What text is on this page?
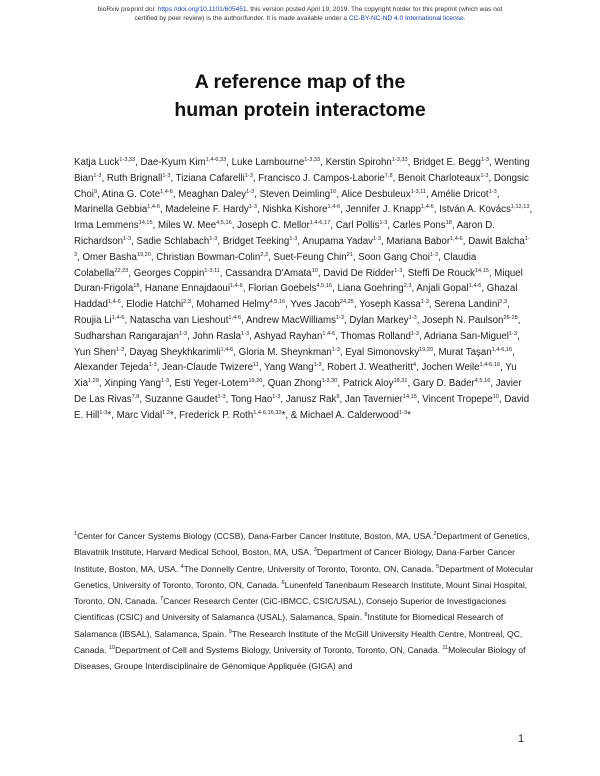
bioRxiv preprint doi: https://doi.org/10.1101/605451. this version posted April 19, 2019. The copyright holder for this preprint (which was not
certified by peer review) is the author/funder. It is made available under a CC-BY-NC-ND 4.0 International license.
A reference map of the
human protein interactome
Katja Luck$^{1-3,33}$, Dae-Kyum Kim$^{1,4-6,33}$, Luke Lambourne$^{1-3,33}$, Kerstin Spirohn$^{1-3,33}$, Bridget E. Begg$^{1-3}$, Wenting Bian$^{1-3}$, Ruth Brignall$^{1-3}$, Tiziana Cafarelli$^{1-3}$, Francisco J. Campos-Laborie$^{7,8}$, Benoit Charloteaux$^{1-3}$, Dongsic Choi$^9$, Atina G. Cote$^{1,4-6}$, Meaghan Daley$^{1-3}$, Steven Deimling$^{10}$, Alice Desbuleux$^{1-3,11}$, Amélie Dricot$^{1-3}$, Marinella Gebbia$^{1,4-6}$, Madeleine F. Hardy$^{1-3}$, Nishka Kishore$^{1,4-6}$, Jennifer J. Knapp$^{1,4-6}$, István A. Kovács$^{1,12,13}$, Irma Lemmens$^{14,15}$, Miles W. Mee$^{4,5,16}$, Joseph C. Mellor$^{1,4-6,17}$, Carl Pollis$^{1-3}$, Carles Pons$^{18}$, Aaron D. Richardson$^{1-3}$, Sadie Schlabach$^{1-3}$, Bridget Teeking$^{1-3}$, Anupama Yadav$^{1-3}$, Mariana Babor$^{1,4-6}$, Dawit Balcha$^{1-3}$, Omer Basha$^{19,20}$, Christian Bowman-Colin$^{2,3}$, Suet-Feung Chin$^{21}$, Soon Gang Choi$^{1-3}$, Claudia Colabella$^{22,23}$, Georges Coppin$^{1-3,11}$, Cassandra D'Amata$^{10}$, David De Ridder$^{1-3}$, Steffi De Rouck$^{14,15}$, Miquel Duran-Frigola$^{18}$, Hanane Ennajdaoui$^{1,4-6}$, Florian Goebels$^{4,5,16}$, Liana Goehring$^{2,3}$, Anjali Gopal$^{1,4-6}$, Ghazal Haddad$^{1,4-6}$, Elodie Hatchi$^{2,3}$, Mohamed Helmy$^{4,5,16}$, Yves Jacob$^{24,25}$, Yoseph Kassa$^{1-3}$, Serena Landini$^{2,3}$, Roujia Li$^{1,4-6}$, Natascha van Lieshout$^{1,4-6}$, Andrew MacWilliams$^{1-3}$, Dylan Markey$^{1-3}$, Joseph N. Paulson$^{26-28}$, Sudharshan Rangarajan$^{1-3}$, John Rasla$^{1-3}$, Ashyad Rayhan$^{1,4-6}$, Thomas Rolland$^{1-3}$, Adriana San-Miguel$^{1-3}$, Yun Shen$^{1-3}$, Dayag Sheykhkarimli$^{1,4-6}$, Gloria M. Sheynkman$^{1-3}$, Eyal Simonovsky$^{19,20}$, Murat Taşan$^{1,4-6,16}$, Alexander Tejeda$^{1-3}$, Jean-Claude Twizere$^{11}$, Yang Wang$^{1-3}$, Robert J. Weatheritt$^4$, Jochen Weile$^{1,4-6,16}$, Yu Xia$^{1,29}$, Xinping Yang$^{1-3}$, Esti Yeger-Lotem$^{19,20}$, Quan Zhong$^{1-3,30}$, Patrick Aloy$^{18,31}$, Gary D. Bader$^{4,5,16}$, Javier De Las Rivas$^{7,8}$, Suzanne Gaudet$^{1-3}$, Tong Hao$^{1-3}$, Janusz Rak$^9$, Jan Tavernier$^{14,15}$, Vincent Tropepe$^{10}$, David E. Hill$^{1-3}$*, Marc Vidal$^{1,2}$*, Frederick P. Roth$^{1,4-6,16,32}$*, & Michael A. Calderwood$^{1-3}$*
$^1$Center for Cancer Systems Biology (CCSB), Dana-Farber Cancer Institute, Boston, MA, USA.$^2$Department of Genetics, Blavatnik Institute, Harvard Medical School, Boston, MA, USA. $^3$Department of Cancer Biology, Dana-Farber Cancer Institute, Boston, MA, USA. $^4$The Donnelly Centre, University of Toronto, Toronto, ON, Canada. $^5$Department of Molecular Genetics, University of Toronto, Toronto, ON, Canada. $^6$Lunenfeld Tanenbaum Research Institute, Mount Sinai Hospital, Toronto, ON, Canada. $^7$Cancer Research Center (CiC-IBMCC, CSIC/USAL), Consejo Superior de Investigaciones Científicas (CSIC) and University of Salamanca (USAL), Salamanca, Spain. $^8$Institute for Biomedical Research of Salamanca (IBSAL), Salamanca, Spain. $^9$The Research Institute of the McGill University Health Centre, Montreal, QC, Canada. $^{10}$Department of Cell and Systems Biology, University of Toronto, Toronto, ON, Canada. $^{11}$Molecular Biology of Diseases, Groupe Interdisciplinaire de Génomique Appliquée (GIGA) and
1
